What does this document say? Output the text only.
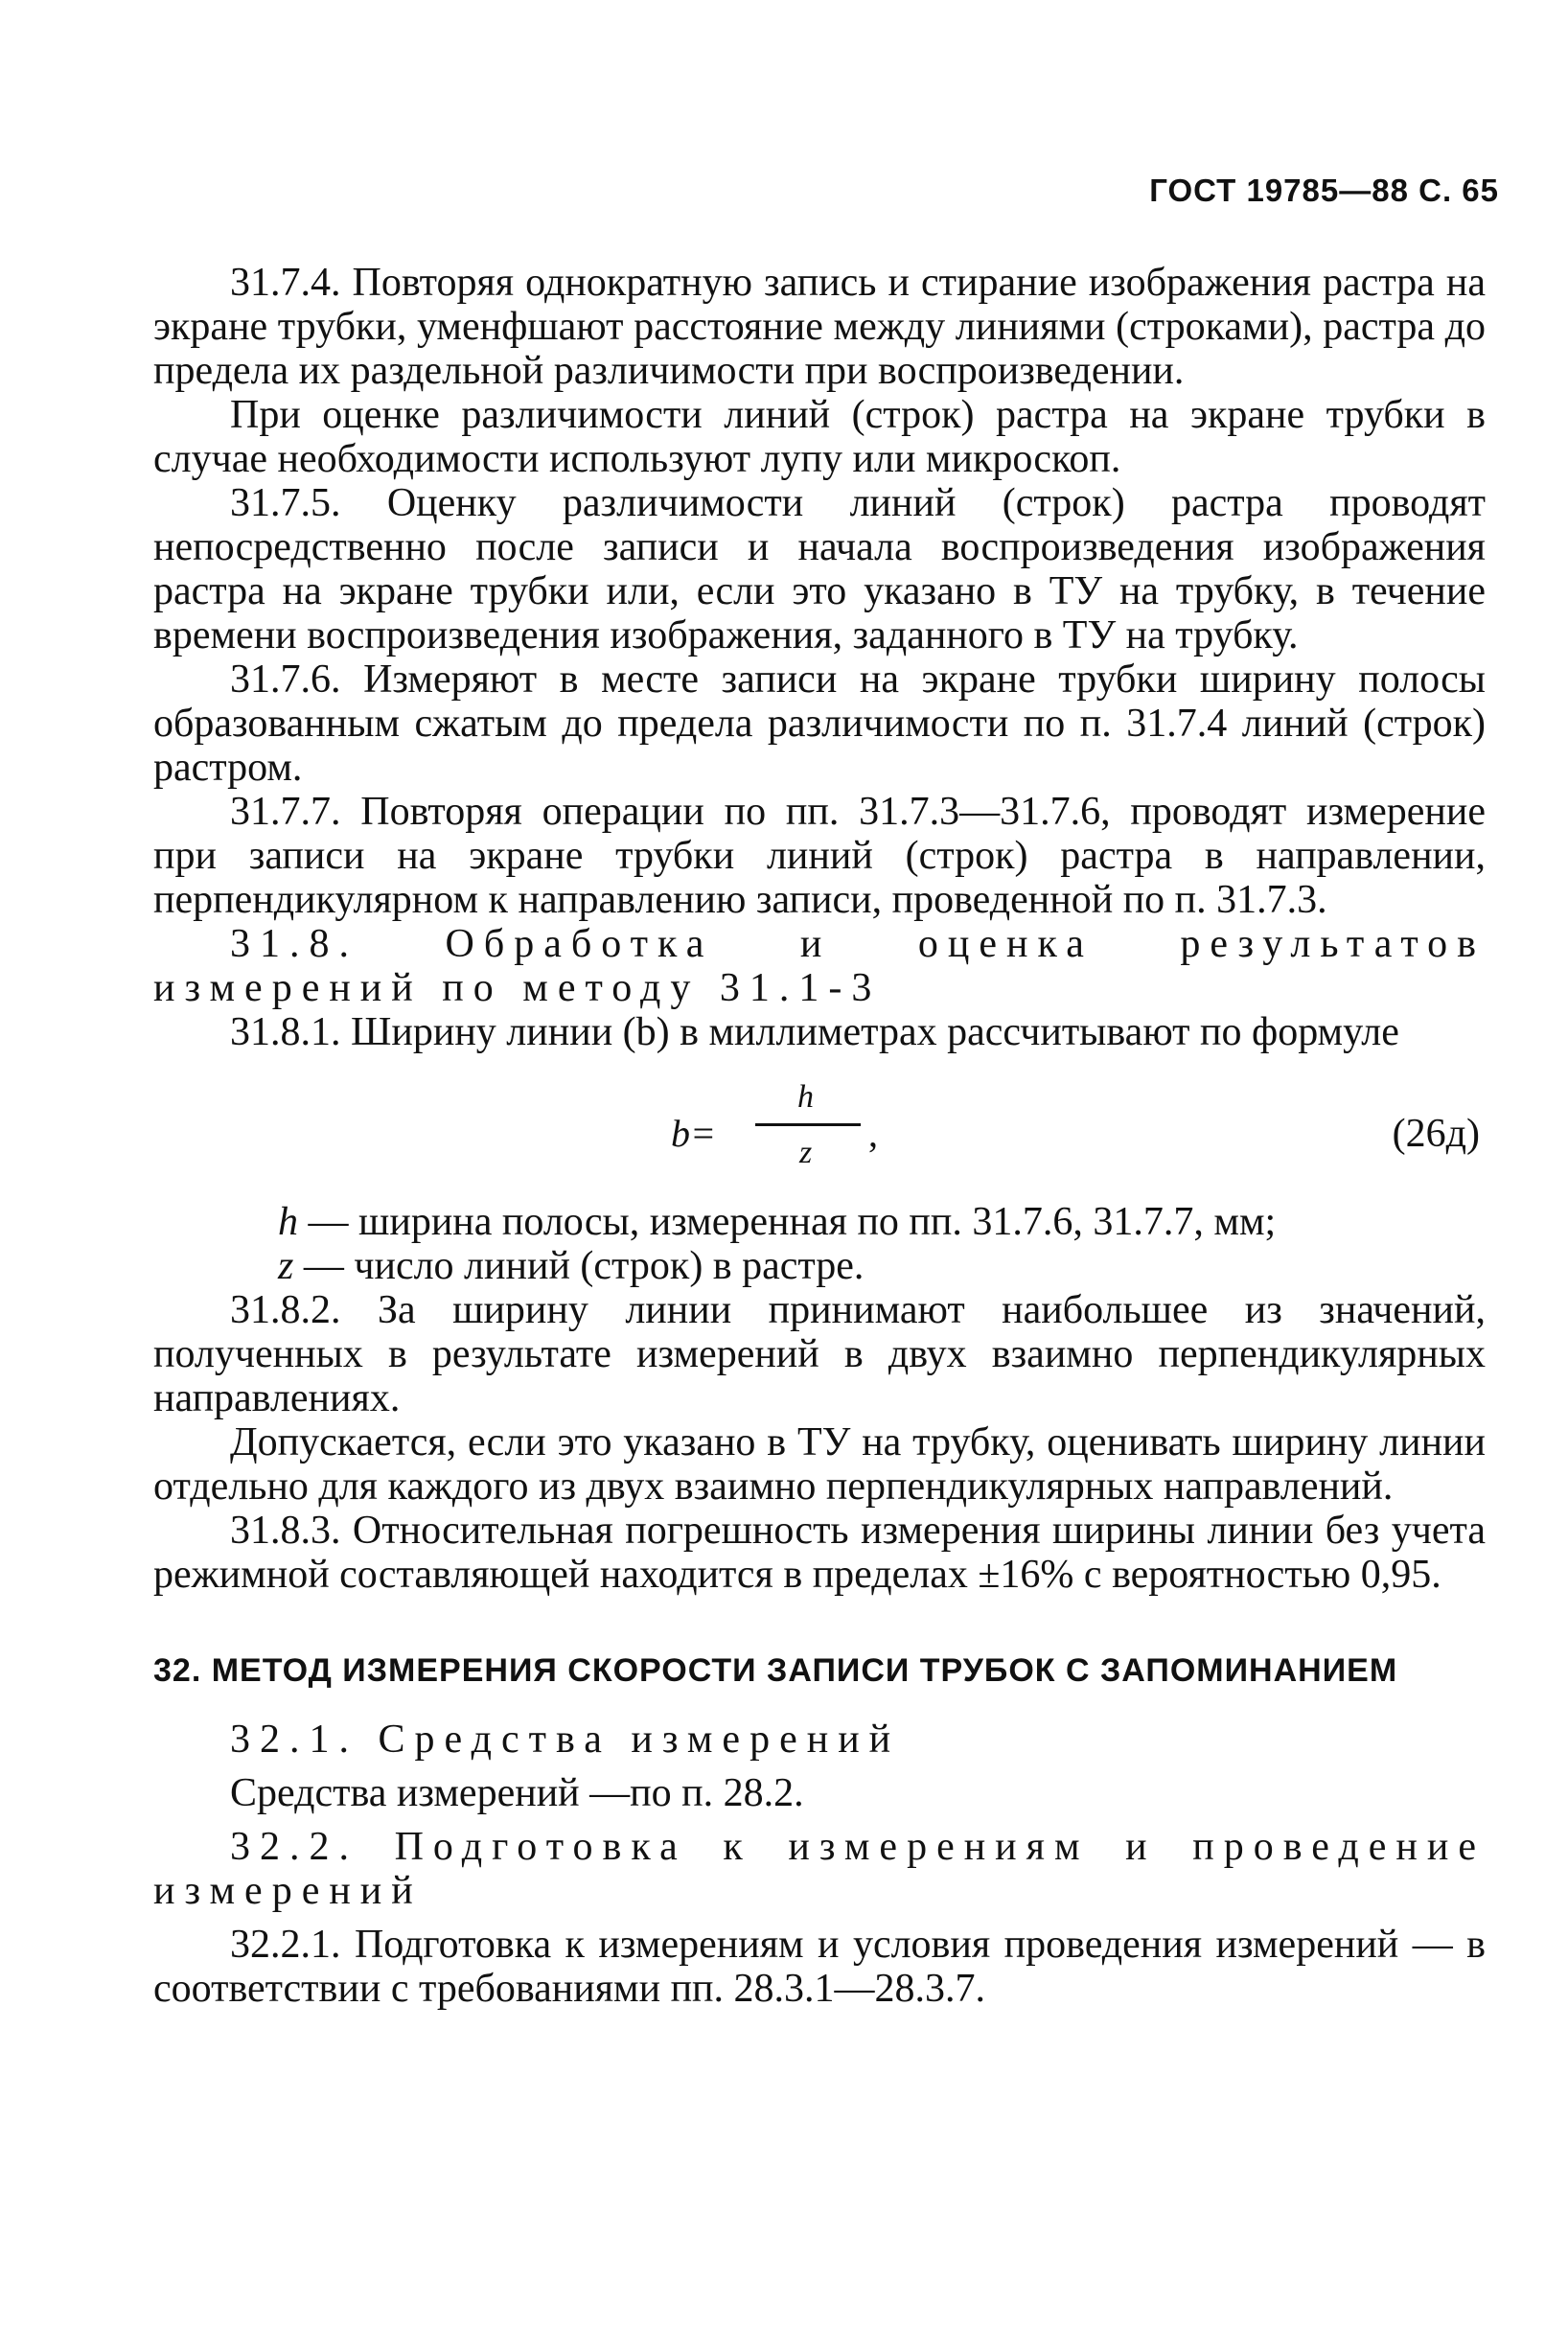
ГОСТ 19785—88 С. 65

31.7.4. Повторяя однократную запись и стирание изображения растра на экране трубки, уменфшают расстояние между линиями (строками), растра до предела их раздельной различимости при воспроизведении.

При оценке различимости линий (строк) растра на экране трубки в случае необходимости используют лупу или микроскоп.

31.7.5. Оценку различимости линий (строк) растра проводят непосредственно после записи и начала воспроизведения изображения растра на экране трубки или, если это указано в ТУ на трубку, в течение времени воспроизведения изображения, заданного в ТУ на трубку.

31.7.6. Измеряют в месте записи на экране трубки ширину полосы образованным сжатым до предела различимости по п. 31.7.4 линий (строк) растром.

31.7.7. Повторяя операции по пп. 31.7.3—31.7.6, проводят измерение при записи на экране трубки линий (строк) растра в направлении, перпендикулярном к направлению записи, проведенной по п. 31.7.3.

31.8. Обработка и оценка результатов измерений по методу 31.1-3

31.8.1. Ширину линии (b) в миллиметрах рассчитывают по формуле

b=
h
z ,	(26д)

h — ширина полосы, измеренная по пп. 31.7.6, 31.7.7, мм;

z — число линий (строк) в растре.

31.8.2. За ширину линии принимают наибольшее из значений, полученных в результате измерений в двух взаимно перпендикулярных направлениях.

Допускается, если это указано в ТУ на трубку, оценивать ширину линии отдельно для каждого из двух взаимно перпендикулярных направлений.

31.8.3. Относительная погрешность измерения ширины линии без учета режимной составляющей находится в пределах ±16% с вероятностью 0,95.

32. МЕТОД ИЗМЕРЕНИЯ СКОРОСТИ ЗАПИСИ ТРУБОК С ЗАПОМИНАНИЕМ

32.1. Средства измерений

Средства измерений —по п. 28.2.

32.2. Подготовка к измерениям и проведение измерений

32.2.1. Подготовка к измерениям и условия проведения измерений — в соответствии с требованиями пп. 28.3.1—28.3.7.
